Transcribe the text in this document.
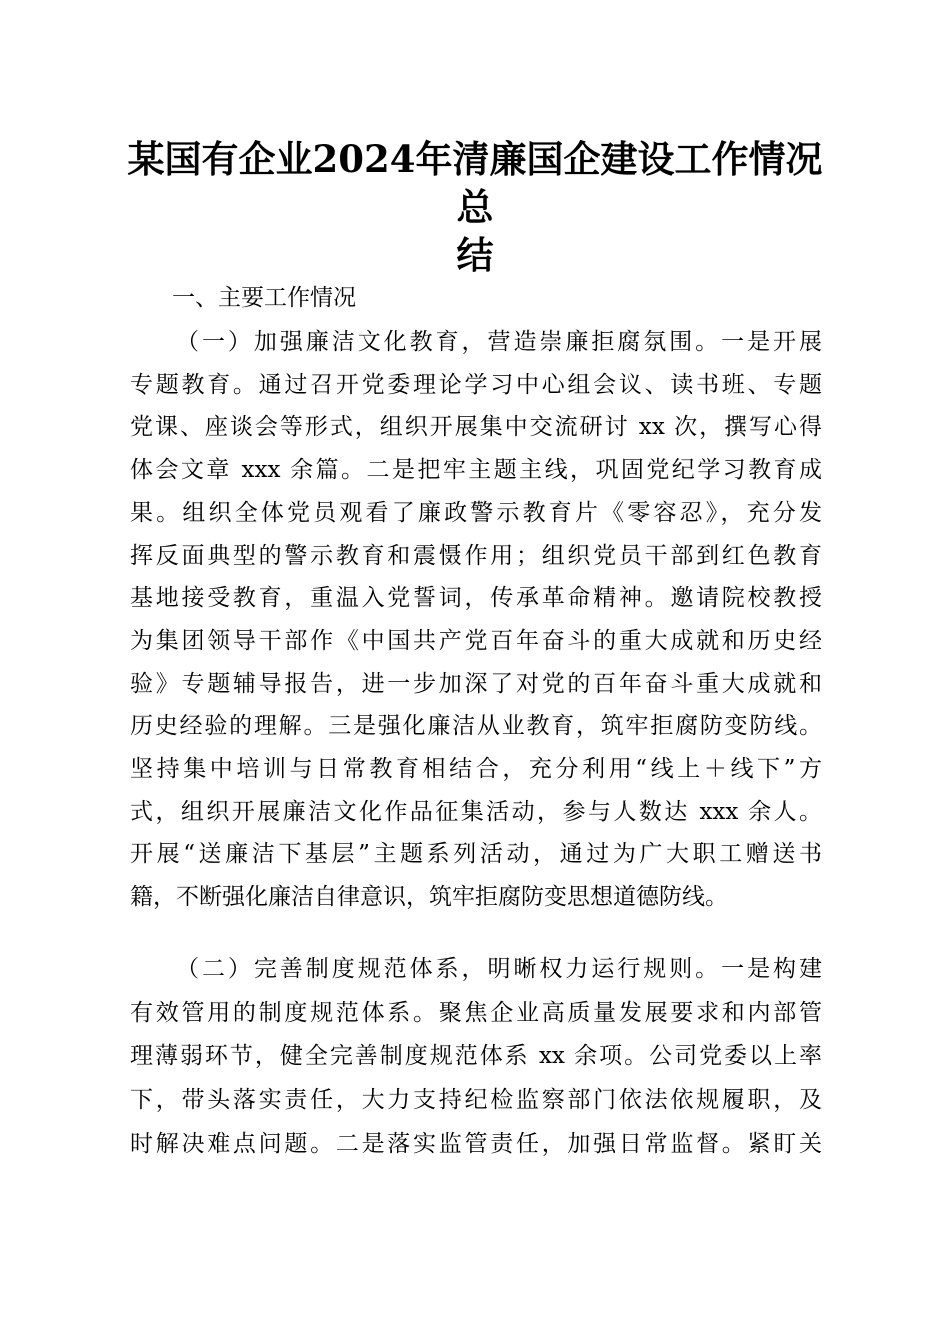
某国有企业2024年清廉国企建设工作情况总
结
一、主要工作情况
（一）加强廉洁文化教育，营造崇廉拒腐氛围。一是开展
专题教育。通过召开党委理论学习中心组会议、读书班、专题
党课、座谈会等形式，组织开展集中交流研讨 xx 次，撰写心得
体会文章 xxx 余篇。二是把牢主题主线，巩固党纪学习教育成
果。组织全体党员观看了廉政警示教育片《零容忍》，充分发
挥反面典型的警示教育和震慑作用；组织党员干部到红色教育
基地接受教育，重温入党誓词，传承革命精神。邀请院校教授
为集团领导干部作《中国共产党百年奋斗的重大成就和历史经
验》专题辅导报告，进一步加深了对党的百年奋斗重大成就和
历史经验的理解。三是强化廉洁从业教育，筑牢拒腐防变防线。
坚持集中培训与日常教育相结合，充分利用“线上＋线下”方
式，组织开展廉洁文化作品征集活动，参与人数达 xxx 余人。
开展“送廉洁下基层”主题系列活动，通过为广大职工赠送书
籍，不断强化廉洁自律意识，筑牢拒腐防变思想道德防线。
（二）完善制度规范体系，明晰权力运行规则。一是构建
有效管用的制度规范体系。聚焦企业高质量发展要求和内部管
理薄弱环节，健全完善制度规范体系 xx 余项。公司党委以上率
下，带头落实责任，大力支持纪检监察部门依法依规履职，及
时解决难点问题。二是落实监管责任，加强日常监督。紧盯关
